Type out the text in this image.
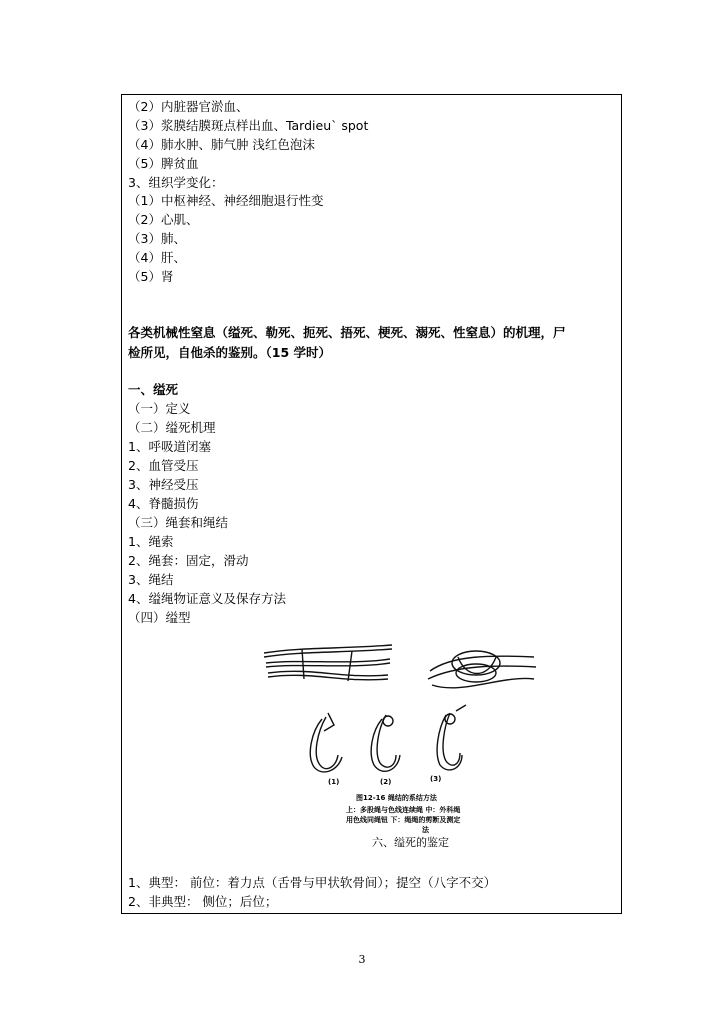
（2）内脏器官淤血、
（3）浆膜结膜斑点样出血、Tardieu` spot
（4）肺水肿、肺气肿 浅红色泡沫
（5）脾贫血
3、组织学变化：
（1）中枢神经、神经细胞退行性变
（2）心肌、
（3）肺、
（4）肝、
（5）肾
各类机械性窒息（缢死、勒死、扼死、捂死、梗死、溺死、性窒息）的机理，尸
检所见，自他杀的鉴别。（15 学时）
一、缢死
（一）定义
（二）缢死机理
1、呼吸道闭塞
2、血管受压
3、神经受压
4、脊髓损伤
（三）绳套和绳结
1、绳索
2、绳套：固定，滑动
3、绳结
4、缢绳物证意义及保存方法
（四）缢型
(1)	(2)	(3)
图12-16 绳结的系结方法
上：多股绳与色线连续绳 中：外科绳
用色线同绳钮 下：绳绳的剪断及测定
法
六、缢死的鉴定
1、典型： 前位：着力点（舌骨与甲状软骨间）；提空（八字不交）
2、非典型： 侧位；后位；
3
